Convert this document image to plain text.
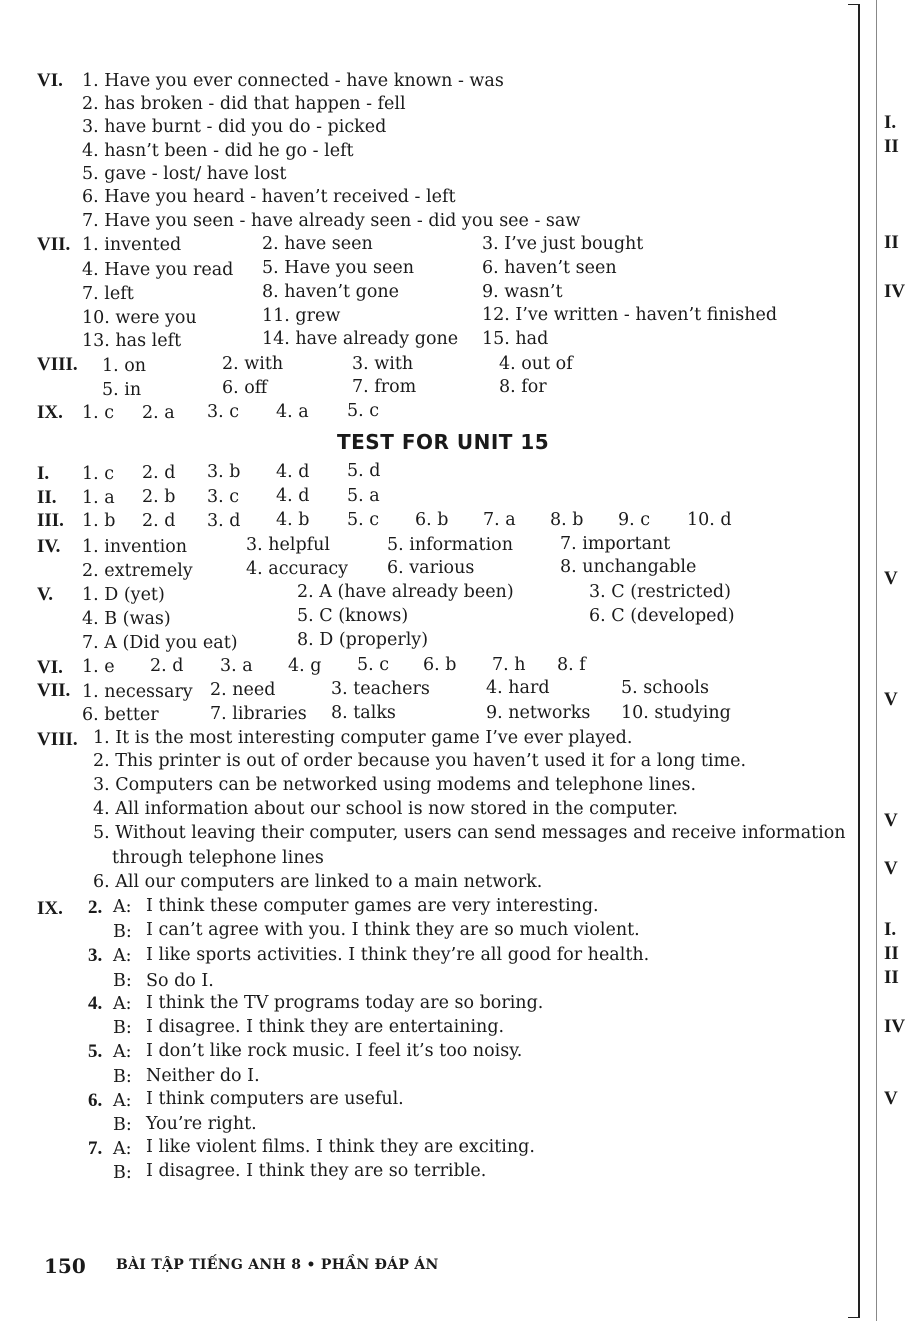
VI. 1. Have you ever connected - have known - was
2. has broken - did that happen - fell
3. have burnt - did you do - picked
4. hasn’t been - did he go - left
5. gave - lost/ have lost
6. Have you heard - haven’t received - left
7. Have you seen - have already seen - did you see - saw
VII. 1. invented	2. have seen	3. I’ve just bought
4. Have you read 5. Have you seen	6. haven’t seen
7. left	8. haven’t gone	9. wasn’t
10. were you	11. grew	12. I’ve written - haven’t finished
13. has left	14. have already gone 15. had
VIII. 1. on	2. with	3. with	4. out of
5. in	6. off	7. from	8. for
IX. 1. c 2. a 3. c 4. a 5. c
TEST FOR UNIT 15
I. 1. c 2. d 3. b 4. d 5. d
II. 1. a 2. b 3. c 4. d 5. a
III. 1. b 2. d 3. d 4. b 5. c 6. b 7. a 8. b 9. c 10. d
IV. 1. invention	3. helpful	5. information	7. important
2. extremely	4. accuracy 6. various	8. unchangable
V. 1. D (yet)	2. A (have already been)	3. C (restricted)
4. B (was)	5. C (knows)	6. C (developed)
7. A (Did you eat)	8. D (properly)
VI. 1. e 2. d 3. a 4. g 5. c 6. b 7. h 8. f
VII. 1. necessary 2. need	3. teachers	4. hard	5. schools
6. better	7. libraries 8. talks	9. networks 10. studying
VIII. 1. It is the most interesting computer game I’ve ever played.
2. This printer is out of order because you haven’t used it for a long time.
3. Computers can be networked using modems and telephone lines.
4. All information about our school is now stored in the computer.
5. Without leaving their computer, users can send messages and receive information
through telephone lines
6. All our computers are linked to a main network.
IX. 2. A: I think these computer games are very interesting.
B: I can’t agree with you. I think they are so much violent.
3. A: I like sports activities. I think they’re all good for health.
B: So do I.
4. A: I think the TV programs today are so boring.
B: I disagree. I think they are entertaining.
5. A: I don’t like rock music. I feel it’s too noisy.
B: Neither do I.
6. A: I think computers are useful.
B: You’re right.
7. A: I like violent films. I think they are exciting.
B: I disagree. I think they are so terrible.
150 BÀI TẬP TIẾNG ANH 8 • PHẦN ĐÁP ÁN
I.
II
II
IV
V
V
V
V
I.
II
II
IV
V
